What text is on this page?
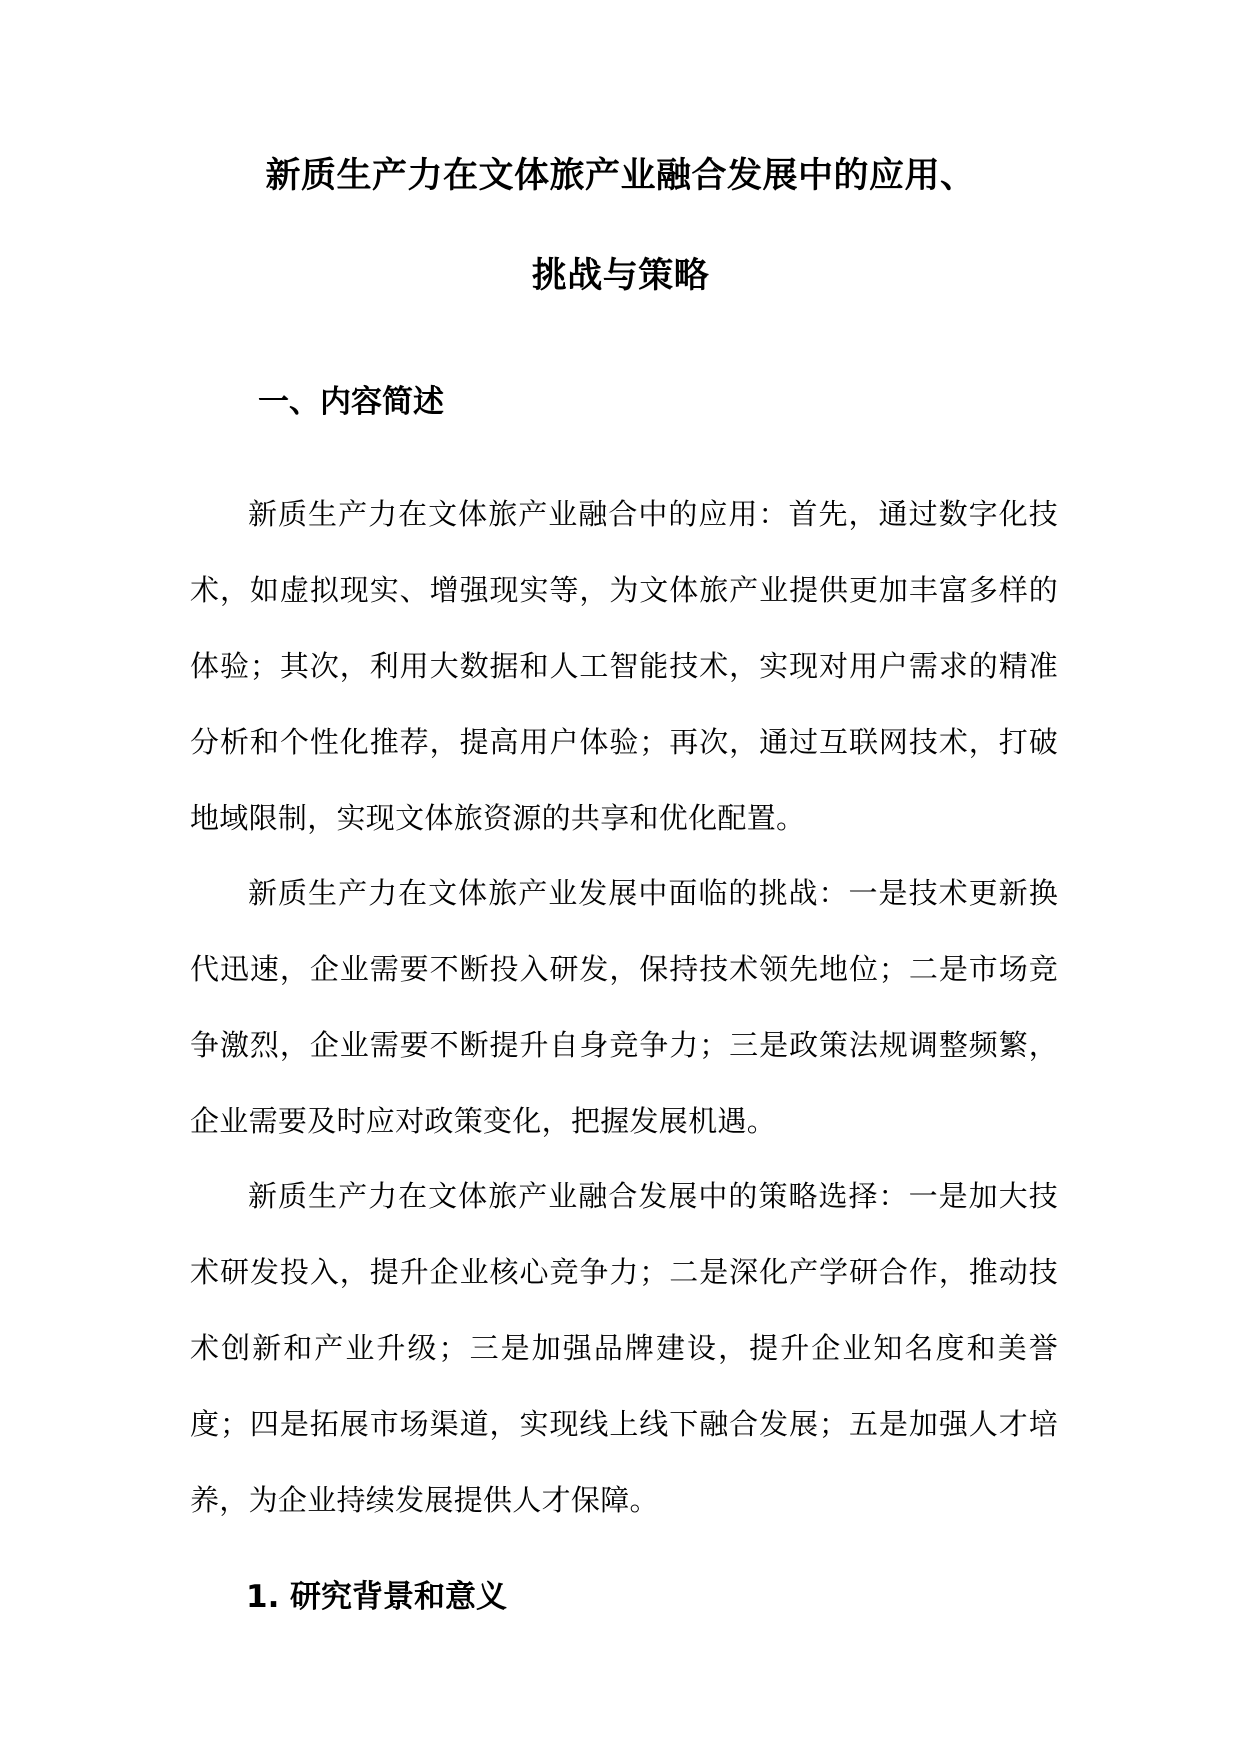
新质生产力在文体旅产业融合发展中的应用、
挑战与策略
一、内容简述

新质生产力在文体旅产业融合中的应用：首先，通过数字化技术，如虚拟现实、增强现实等，为文体旅产业提供更加丰富多样的体验；其次，利用大数据和人工智能技术，实现对用户需求的精准分析和个性化推荐，提高用户体验；再次，通过互联网技术，打破地域限制，实现文体旅资源的共享和优化配置。

新质生产力在文体旅产业发展中面临的挑战：一是技术更新换代迅速，企业需要不断投入研发，保持技术领先地位；二是市场竞争激烈，企业需要不断提升自身竞争力；三是政策法规调整频繁，企业需要及时应对政策变化，把握发展机遇。

新质生产力在文体旅产业融合发展中的策略选择：一是加大技术研发投入，提升企业核心竞争力；二是深化产学研合作，推动技术创新和产业升级；三是加强品牌建设，提升企业知名度和美誉度；四是拓展市场渠道，实现线上线下融合发展；五是加强人才培养，为企业持续发展提供人才保障。

1. 研究背景和意义
